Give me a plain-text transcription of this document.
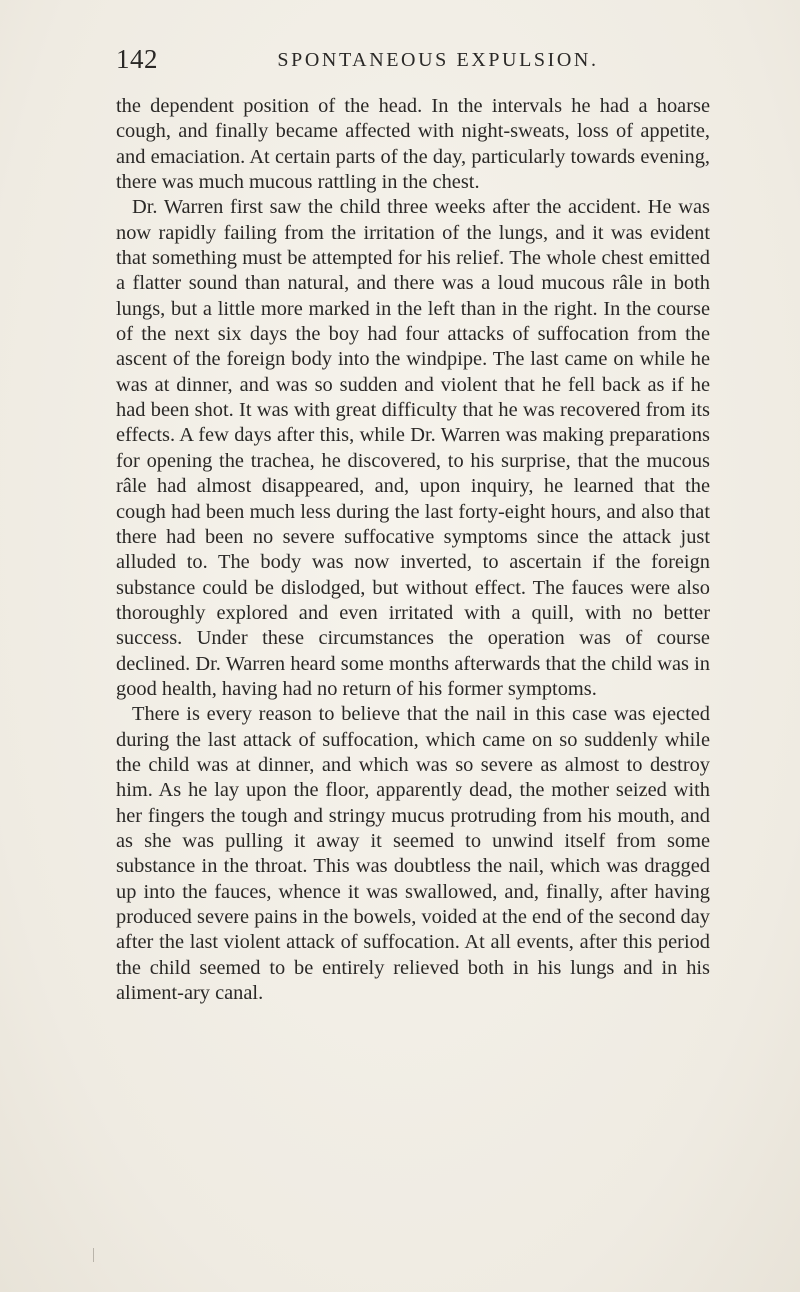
142	SPONTANEOUS EXPULSION.

the dependent position of the head. In the intervals he had a hoarse cough, and finally became affected with night-sweats, loss of appetite, and emaciation. At certain parts of the day, particularly towards evening, there was much mucous rattling in the chest.

Dr. Warren first saw the child three weeks after the accident. He was now rapidly failing from the irritation of the lungs, and it was evident that something must be attempted for his relief. The whole chest emitted a flatter sound than natural, and there was a loud mucous râle in both lungs, but a little more marked in the left than in the right. In the course of the next six days the boy had four attacks of suffocation from the ascent of the foreign body into the windpipe. The last came on while he was at dinner, and was so sudden and violent that he fell back as if he had been shot. It was with great difficulty that he was recovered from its effects. A few days after this, while Dr. Warren was making preparations for opening the trachea, he discovered, to his surprise, that the mucous râle had almost disappeared, and, upon inquiry, he learned that the cough had been much less during the last forty-eight hours, and also that there had been no severe suffocative symptoms since the attack just alluded to. The body was now inverted, to ascertain if the foreign substance could be dislodged, but without effect. The fauces were also thoroughly explored and even irritated with a quill, with no better success. Under these circumstances the operation was of course declined. Dr. Warren heard some months afterwards that the child was in good health, having had no return of his former symptoms.

There is every reason to believe that the nail in this case was ejected during the last attack of suffocation, which came on so suddenly while the child was at dinner, and which was so severe as almost to destroy him. As he lay upon the floor, apparently dead, the mother seized with her fingers the tough and stringy mucus protruding from his mouth, and as she was pulling it away it seemed to unwind itself from some substance in the throat. This was doubtless the nail, which was dragged up into the fauces, whence it was swallowed, and, finally, after having produced severe pains in the bowels, voided at the end of the second day after the last violent attack of suffocation. At all events, after this period the child seemed to be entirely relieved both in his lungs and in his aliment-ary canal.
